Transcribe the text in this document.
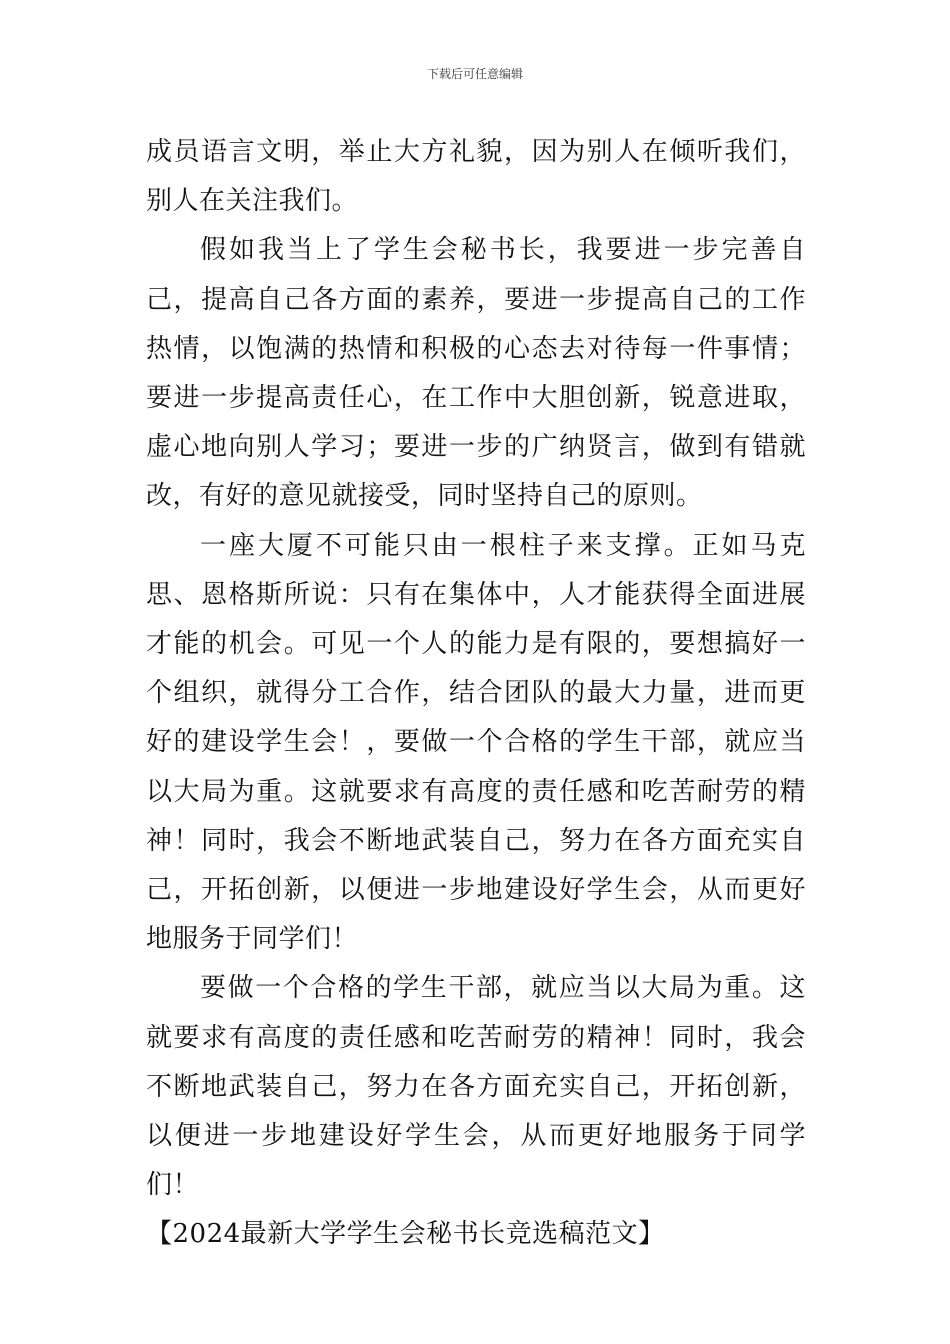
下载后可任意编辑

成员语言文明，举止大方礼貌，因为别人在倾听我们，别人在关注我们。

假如我当上了学生会秘书长，我要进一步完善自己，提高自己各方面的素养，要进一步提高自己的工作热情，以饱满的热情和积极的心态去对待每一件事情；要进一步提高责任心，在工作中大胆创新，锐意进取，虚心地向别人学习；要进一步的广纳贤言，做到有错就改，有好的意见就接受，同时坚持自己的原则。

一座大厦不可能只由一根柱子来支撑。正如马克思、恩格斯所说：只有在集体中，人才能获得全面进展才能的机会。可见一个人的能力是有限的，要想搞好一个组织，就得分工合作，结合团队的最大力量，进而更好的建设学生会！，要做一个合格的学生干部，就应当以大局为重。这就要求有高度的责任感和吃苦耐劳的精神！同时，我会不断地武装自己，努力在各方面充实自己，开拓创新，以便进一步地建设好学生会，从而更好地服务于同学们！

要做一个合格的学生干部，就应当以大局为重。这就要求有高度的责任感和吃苦耐劳的精神！同时，我会不断地武装自己，努力在各方面充实自己，开拓创新，以便进一步地建设好学生会，从而更好地服务于同学们！

【2024最新大学学生会秘书长竞选稿范文】
